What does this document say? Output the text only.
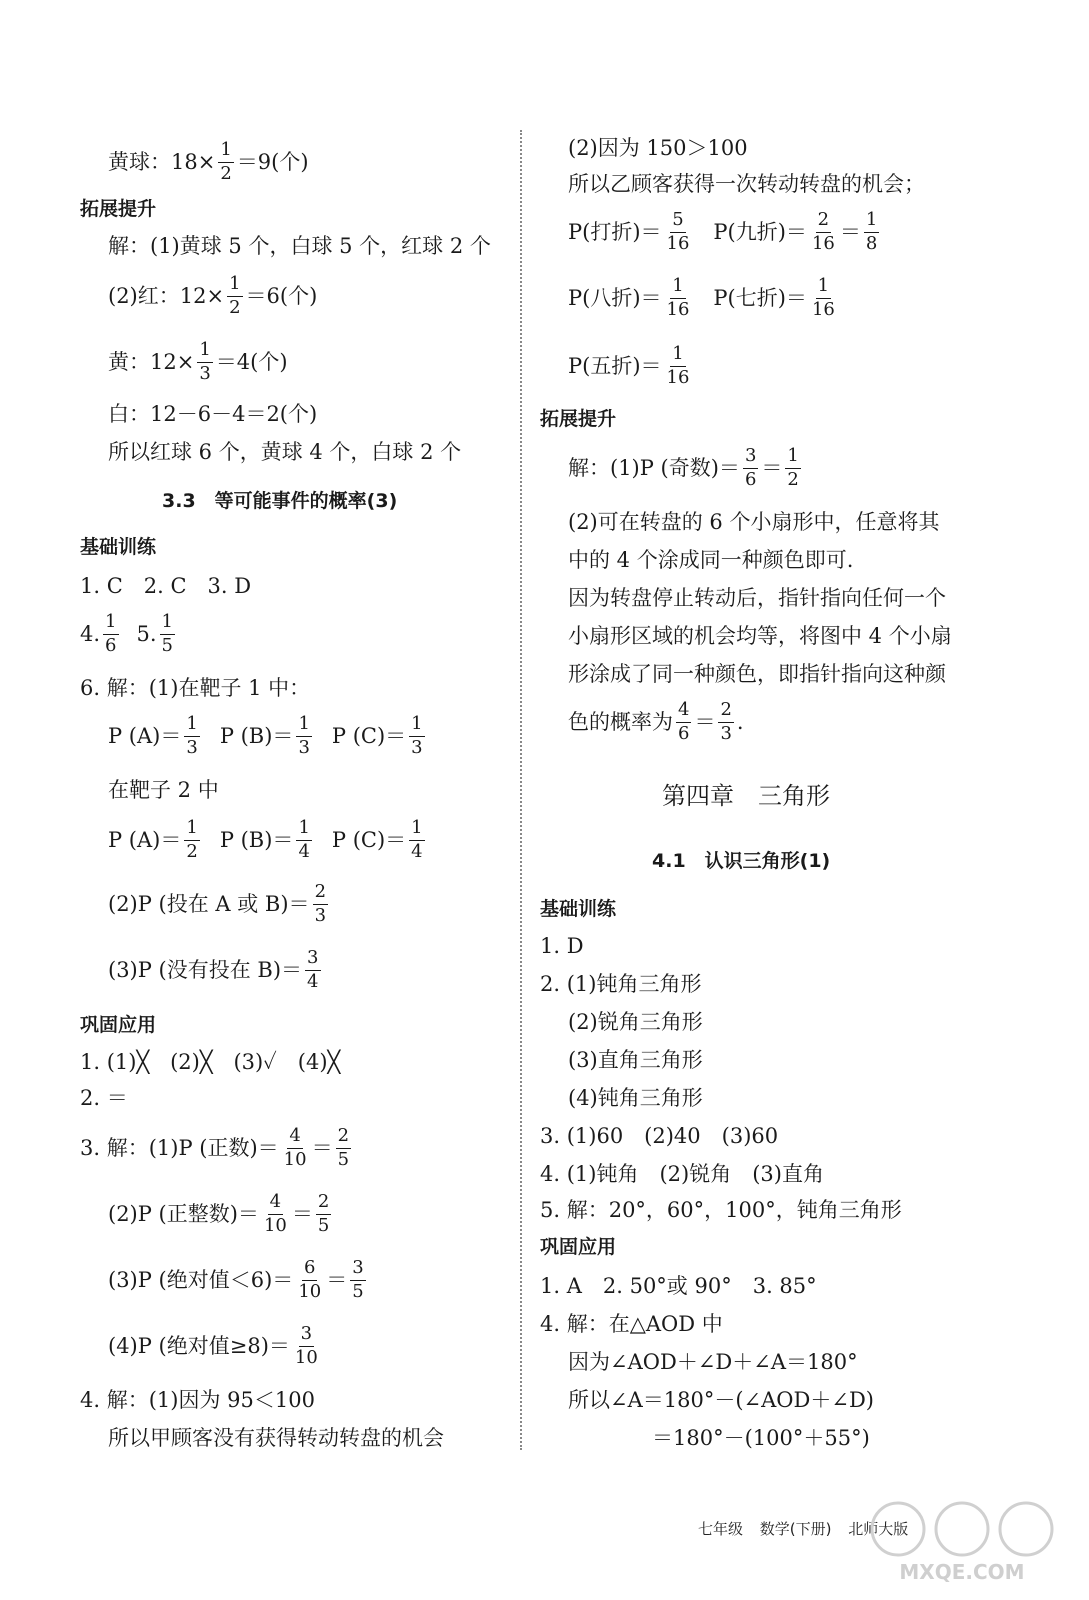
黄球：$18\times \frac{1}{2} =9$(个)
拓展提升
解：(1)黄球 5 个，白球 5 个，红球 2 个
(2)红：$12\times \frac{1}{2} =6$(个)
黄：$12\times \frac{1}{3} =4$(个)
白：12－6－4＝2(个)
所以红球 6 个，黄球 4 个，白球 2 个
3.3　等可能事件的概率(3)
基础训练
1. C　2. C　3. D
4. $\frac{1}{6} 5$. $\frac{1}{5}$
6. 解：(1)在靶子 1 中：
P $(A)= \frac{1}{3}$ P $(B)= \frac{1}{3}$ P $(C)= \frac{1}{3}$
在靶子 2 中
P $(A)= \frac{1}{2}$ P $(B)= \frac{1}{4}$ P $(C)= \frac{1}{4}$
(2)P (投在 A 或 $B)= \frac{2}{3}$
(3)P (没有投在 $B)= \frac{3}{4}$
巩固应用
1. (1)╳　(2)╳　(3)✓　(4)╳
2. ＝
3. 解：(1)P (正数)＝ $\frac{4}{10} = \frac{2}{5}$
(2)P (正整数)＝ $\frac{4}{10} = \frac{2}{5}$
(3)P (绝对值$<6)= \frac{6}{10} = \frac{3}{5}$
(4)P (绝对值$\ge 8)= \frac{3}{10}$
4. 解：(1)因为 95＜100
所以甲顾客没有获得转动转盘的机会
(2)因为 150＞100
所以乙顾客获得一次转动转盘的机会；
P(打折)＝ $\frac{5}{16} P$(九折)＝ $\frac{2}{16} = \frac{1}{8}$
P(八折)＝ $\frac{1}{16} P$(七折)＝ $\frac{1}{16}$
P(五折)＝ $\frac{1}{16}$
拓展提升
解：(1)P (奇数)＝ $\frac{3}{6} = \frac{1}{2}$
(2)可在转盘的 6 个小扇形中，任意将其
中的 4 个涂成同一种颜色即可.
因为转盘停止转动后，指针指向任何一个
小扇形区域的机会均等，将图中 4 个小扇
形涂成了同一种颜色，即指针指向这种颜
色的概率为 $\frac{4}{6} = \frac{2}{3}$ .
第四章　三角形
4.1　认识三角形(1)
基础训练
1. D
2. (1)钝角三角形
(2)锐角三角形
(3)直角三角形
(4)钝角三角形
3. (1)60　(2)40　(3)60
4. (1)钝角　(2)锐角　(3)直角
5. 解：20°，60°，100°，钝角三角形
巩固应用
1. A　2. 50°或 90°　3. 85°
4. 解：在△AOD 中
因为∠AOD＋∠D＋∠A＝180°
所以∠A＝180°－(∠AOD＋∠D)
＝180°－(100°＋55°)
七年级 数学(下册) 北师大版
MXQE.COM
